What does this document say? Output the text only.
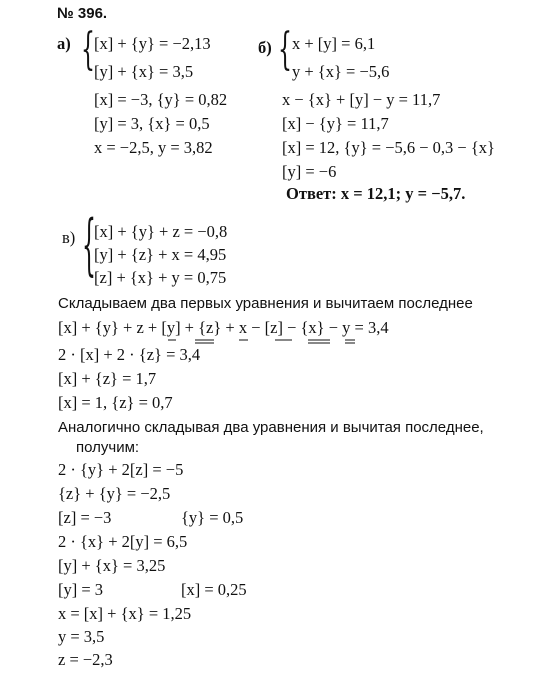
№ 396.
а) { [x] + {y} = −2,13
[y] + {x} = 3,5
[x] = −3, {y} = 0,82
[y] = 3, {x} = 0,5
x = −2,5, y = 3,82
б) { x + [y] = 6,1
y + {x} = −5,6
x − {x} + [y] − y = 11,7
[x] − {y} = 11,7
[x] = 12, {y} = −5,6 − 0,3 − {x}
[y] = −6
Ответ: x = 12,1; y = −5,7.
в) {
[x] + {y} + z = −0,8
[y] + {z} + x = 4,95
[z] + {x} + y = 0,75
Складываем два первых уравнения и вычитаем последнее
[x] + {y} + z + [y] + {z} + x − [z] − {x} − y = 3,4
2 · [x] + 2 · {z} = 3,4
[x] + {z} = 1,7
[x] = 1, {z} = 0,7
Аналогично складывая два уравнения и вычитая последнее,
получим:
2 · {y} + 2[z] = −5
{z} + {y} = −2,5
[z] = −3	{y} = 0,5
2 · {x} + 2[y] = 6,5
[y] + {x} = 3,25
[y] = 3	[x] = 0,25
x = [x] + {x} = 1,25
y = 3,5
z = −2,3
